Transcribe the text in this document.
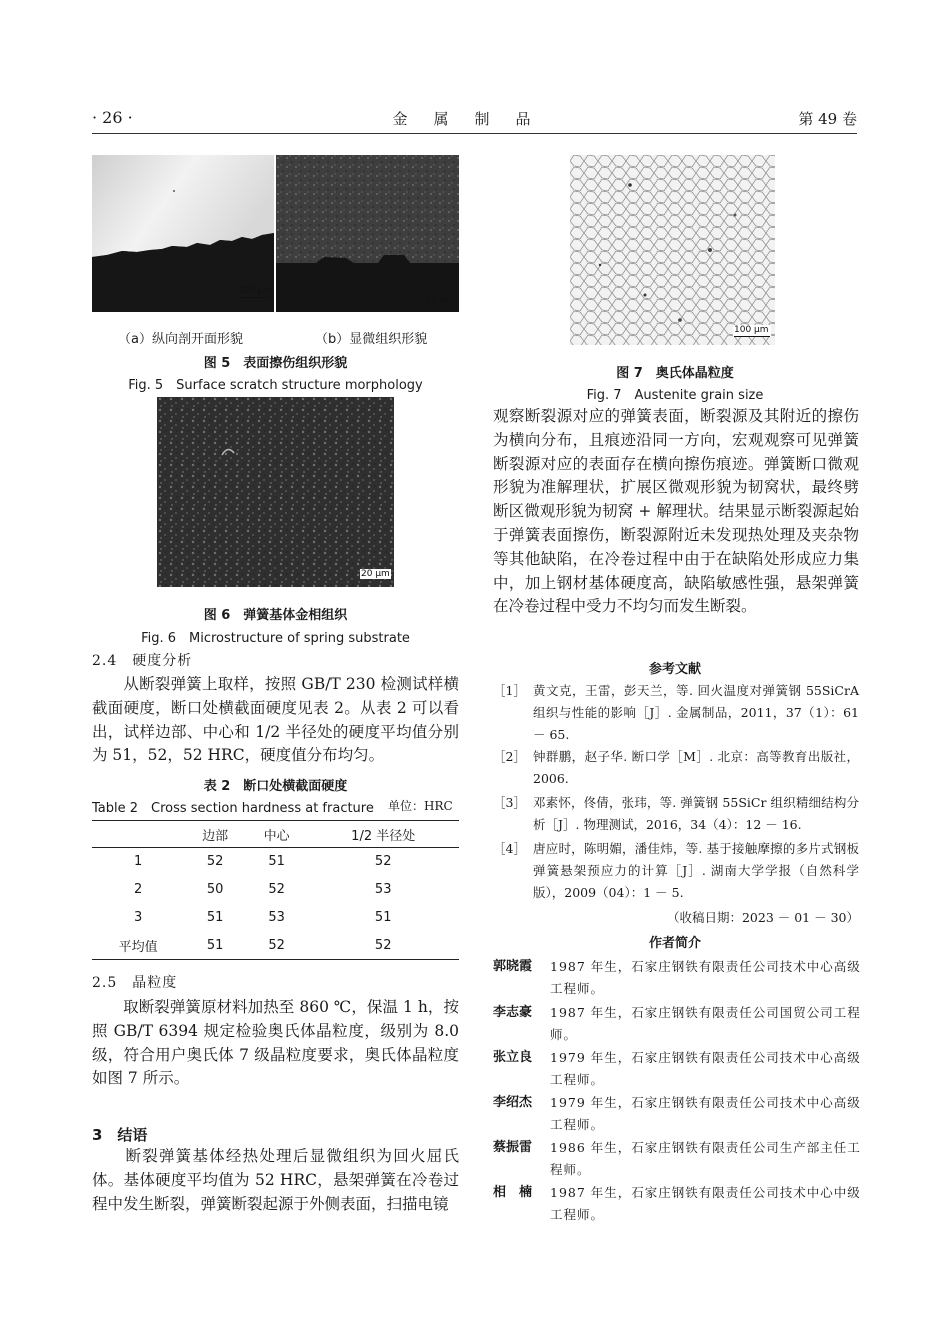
· 26 ·	金属制品	第 49 卷
500 μm
50 μm
（a）纵向剖开面形貌	（b）显微组织形貌
图 5　表面擦伤组织形貌
Fig. 5　Surface scratch structure morphology
20 μm
图 6　弹簧基体金相组织
Fig. 6　Microstructure of spring substrate
2.4　硬度分析
　　从断裂弹簧上取样，按照 GB/T 230 检测试样横截面硬度，断口处横截面硬度见表 2。从表 2 可以看出，试样边部、中心和 1/2 半径处的硬度平均值分别为 51，52，52 HRC，硬度值分布均匀。
表 2　断口处横截面硬度
Table 2　Cross section hardness at fracture 单位：HRC
	边部	中心	1/2 半径处
1	52	51	52
2	50	52	53
3	51	53	51
平均值	51	52	52
2.5　晶粒度
　　取断裂弹簧原材料加热至 860 ℃，保温 1 h，按照 GB/T 6394 规定检验奥氏体晶粒度，级别为 8.0 级，符合用户奥氏体 7 级晶粒度要求，奥氏体晶粒度如图 7 所示。
3　结语
　　断裂弹簧基体经热处理后显微组织为回火屈氏体。基体硬度平均值为 52 HRC，悬架弹簧在冷卷过程中发生断裂，弹簧断裂起源于外侧表面，扫描电镜
100 μm
图 7　奥氏体晶粒度
Fig. 7　Austenite grain size
观察断裂源对应的弹簧表面，断裂源及其附近的擦伤为横向分布，且痕迹沿同一方向，宏观观察可见弹簧断裂源对应的表面存在横向擦伤痕迹。弹簧断口微观形貌为准解理状，扩展区微观形貌为韧窝状，最终劈断区微观形貌为韧窝 + 解理状。结果显示断裂源起始于弹簧表面擦伤，断裂源附近未发现热处理及夹杂物等其他缺陷，在冷卷过程中由于在缺陷处形成应力集中，加上钢材基体硬度高，缺陷敏感性强，悬架弹簧在冷卷过程中受力不均匀而发生断裂。
参考文献
［1］ 黄文克，王雷，彭天兰，等. 回火温度对弹簧钢 55SiCrA 组织与性能的影响［J］. 金属制品，2011，37（1）：61 － 65.
［2］ 钟群鹏，赵子华. 断口学［M］. 北京：高等教育出版社，2006.
［3］ 邓素怀，佟倩，张玮，等. 弹簧钢 55SiCr 组织精细结构分析［J］. 物理测试，2016，34（4）：12 － 16.
［4］ 唐应时，陈明媚，潘佳炜，等. 基于接触摩擦的多片式钢板弹簧悬架预应力的计算［J］. 湖南大学学报（自然科学版），2009（04）：1 － 5.
（收稿日期：2023 － 01 － 30）
作者简介
郭晓霞 1987 年生，石家庄钢铁有限责任公司技术中心高级工程师。
李志豪 1987 年生，石家庄钢铁有限责任公司国贸公司工程师。
张立良 1979 年生，石家庄钢铁有限责任公司技术中心高级工程师。
李绍杰 1979 年生，石家庄钢铁有限责任公司技术中心高级工程师。
蔡振雷 1986 年生，石家庄钢铁有限责任公司生产部主任工程师。
相　楠 1987 年生，石家庄钢铁有限责任公司技术中心中级工程师。
